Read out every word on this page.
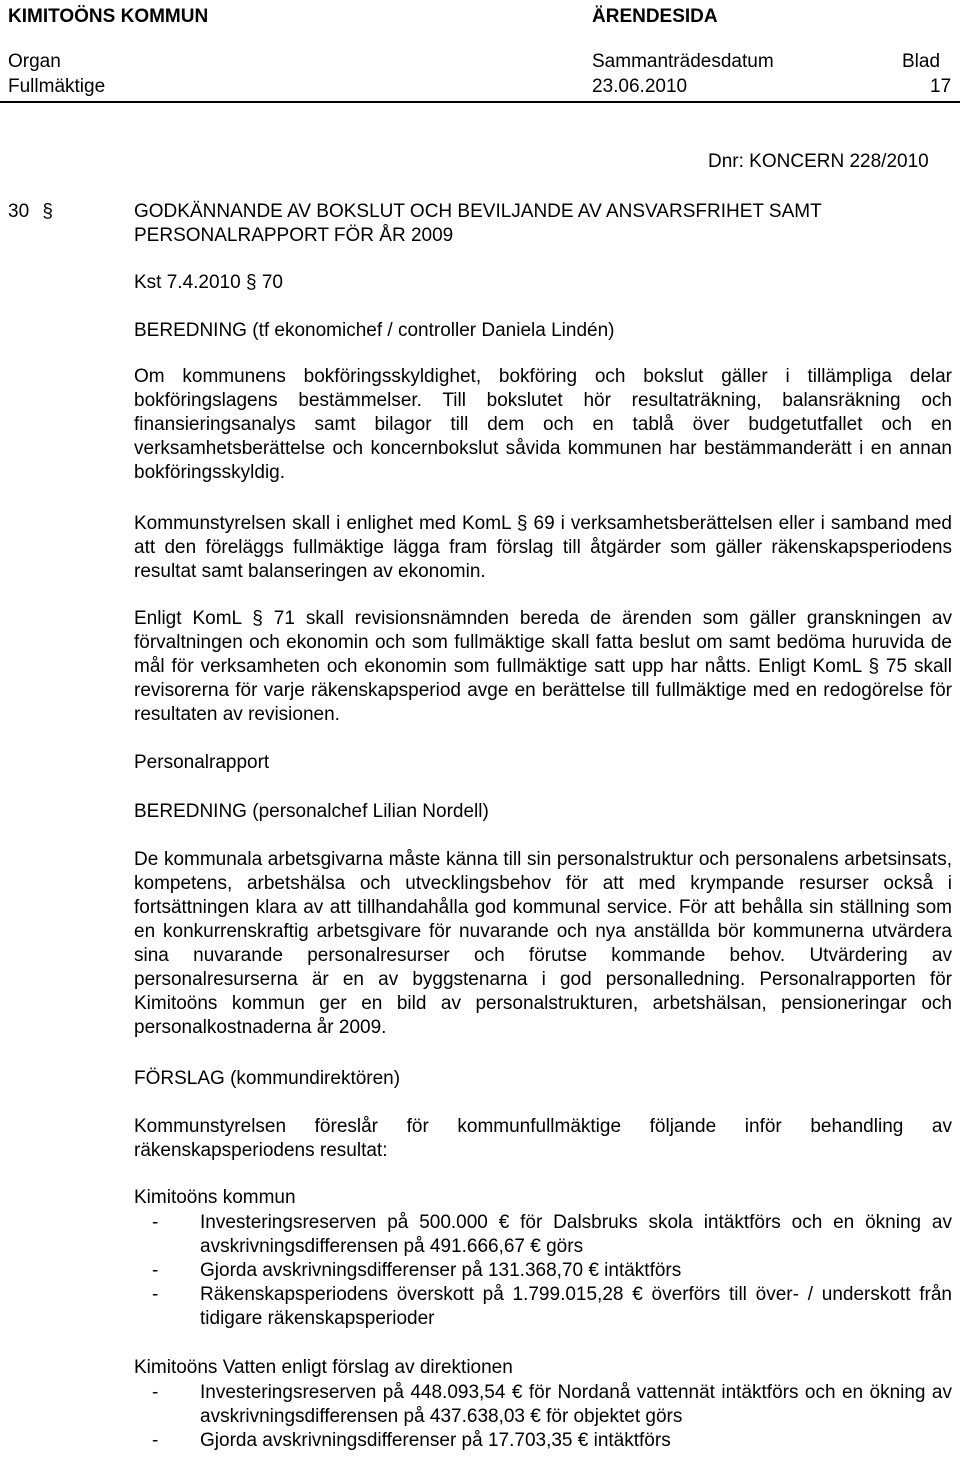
KIMITOÖNS KOMMUN	ÄRENDESIDA
Organ	Sammanträdesdatum	Blad
Fullmäktige	23.06.2010	17
Dnr: KONCERN 228/2010
30 §	GODKÄNNANDE AV BOKSLUT OCH BEVILJANDE AV ANSVARSFRIHET SAMT
PERSONALRAPPORT FÖR ÅR 2009
Kst 7.4.2010 § 70
BEREDNING (tf ekonomichef / controller Daniela Lindén)
Om kommunens bokföringsskyldighet, bokföring och bokslut gäller i tillämpliga delar bokföringslagens bestämmelser. Till bokslutet hör resultaträkning, balansräkning och finansieringsanalys samt bilagor till dem och en tablå över budgetutfallet och en verksamhetsberättelse och koncernbokslut såvida kommunen har bestämmanderätt i en annan bokföringsskyldig.
Kommunstyrelsen skall i enlighet med KomL § 69 i verksamhetsberättelsen eller i samband med att den föreläggs fullmäktige lägga fram förslag till åtgärder som gäller räkenskapsperiodens resultat samt balanseringen av ekonomin.
Enligt KomL § 71 skall revisionsnämnden bereda de ärenden som gäller granskningen av förvaltningen och ekonomin och som fullmäktige skall fatta beslut om samt bedöma huruvida de mål för verksamheten och ekonomin som fullmäktige satt upp har nåtts. Enligt KomL § 75 skall revisorerna för varje räkenskapsperiod avge en berättelse till fullmäktige med en redogörelse för resultaten av revisionen.
Personalrapport
BEREDNING (personalchef Lilian Nordell)
De kommunala arbetsgivarna måste känna till sin personalstruktur och personalens arbetsinsats, kompetens, arbetshälsa och utvecklingsbehov för att med krympande resurser också i fortsättningen klara av att tillhandahålla god kommunal service. För att behålla sin ställning som en konkurrenskraftig arbetsgivare för nuvarande och nya anställda bör kommunerna utvärdera sina nuvarande personalresurser och förutse kommande behov. Utvärdering av personalresurserna är en av byggstenarna i god personalledning. Personalrapporten för Kimitoöns kommun ger en bild av personalstrukturen, arbetshälsan, pensioneringar och personalkostnaderna år 2009.
FÖRSLAG (kommundirektören)
Kommunstyrelsen föreslår för kommunfullmäktige följande inför behandling av räkenskapsperiodens resultat:
Kimitoöns kommun
-	Investeringsreserven på 500.000 € för Dalsbruks skola intäktförs och en ökning av avskrivningsdifferensen på 491.666,67 € görs
-	Gjorda avskrivningsdifferenser på 131.368,70 € intäktförs
-	Räkenskapsperiodens överskott på 1.799.015,28 € överförs till över- / underskott från tidigare räkenskapsperioder
Kimitoöns Vatten enligt förslag av direktionen
-	Investeringsreserven på 448.093,54 € för Nordanå vattennät intäktförs och en ökning av avskrivningsdifferensen på 437.638,03 € för objektet görs
-	Gjorda avskrivningsdifferenser på 17.703,35 € intäktförs
